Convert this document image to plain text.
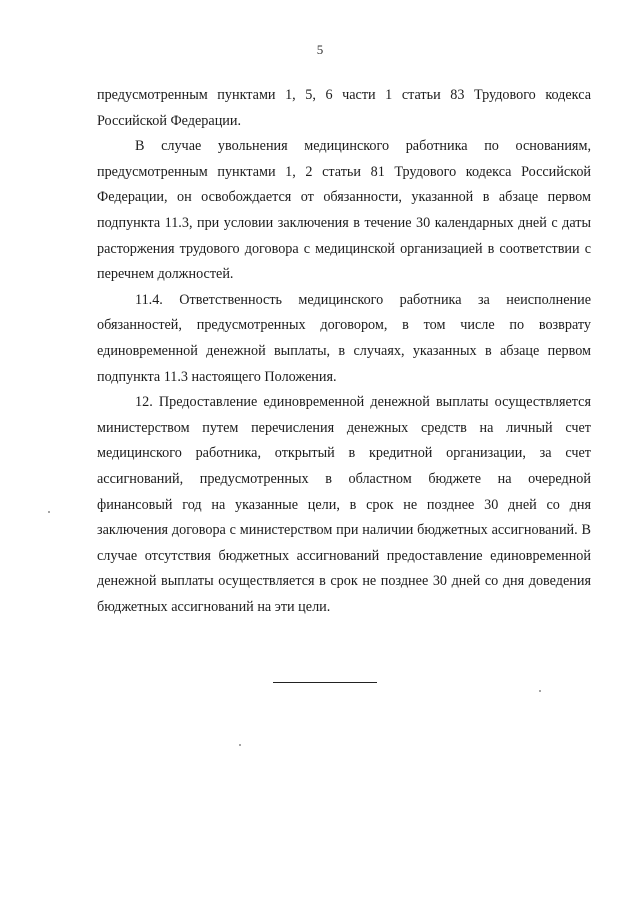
5

предусмотренным пунктами 1, 5, 6 части 1 статьи 83 Трудового кодекса Российской Федерации.

В случае увольнения медицинского работника по основаниям, предусмотренным пунктами 1, 2 статьи 81 Трудового кодекса Российской Федерации, он освобождается от обязанности, указанной в абзаце первом подпункта 11.3, при условии заключения в течение 30 календарных дней с даты расторжения трудового договора с медицинской организацией в соответствии с перечнем должностей.

11.4. Ответственность медицинского работника за неисполнение обязанностей, предусмотренных договором, в том числе по возврату единовременной денежной выплаты, в случаях, указанных в абзаце первом подпункта 11.3 настоящего Положения.

12. Предоставление единовременной денежной выплаты осуществляется министерством путем перечисления денежных средств на личный счет медицинского работника, открытый в кредитной организации, за счет ассигнований, предусмотренных в областном бюджете на очередной финансовый год на указанные цели, в срок не позднее 30 дней со дня заключения договора с министерством при наличии бюджетных ассигнований. В случае отсутствия бюджетных ассигнований предоставление единовременной денежной выплаты осуществляется в срок не позднее 30 дней со дня доведения бюджетных ассигнований на эти цели.
